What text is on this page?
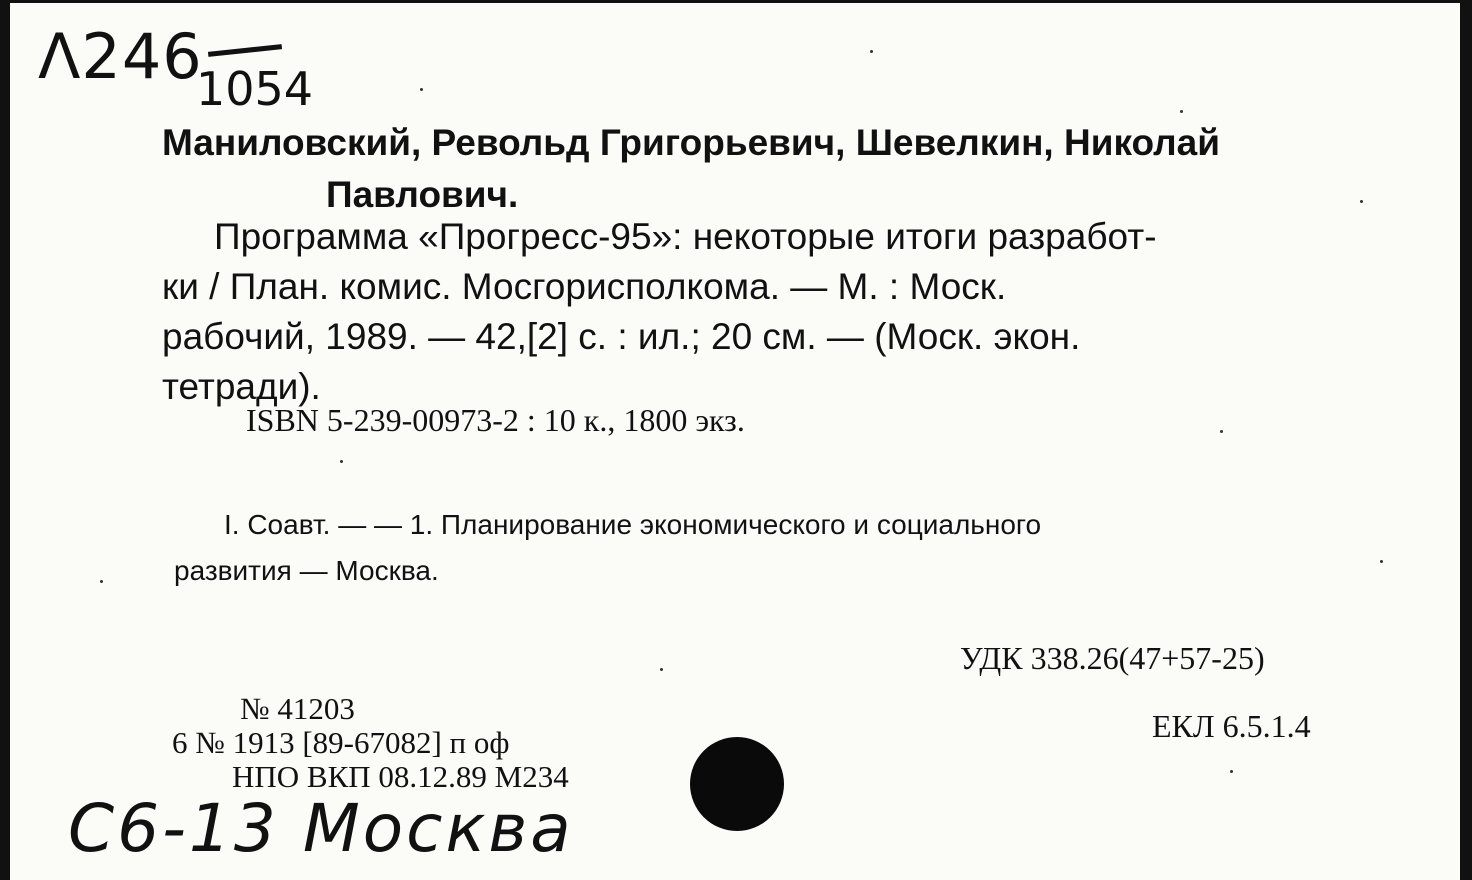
Λ246
1054
Маниловский, Револьд Григорьевич, Шевелкин, Николай
Павлович.
Программа «Прогресс-95»: некоторые итоги разработ-
ки / План. комис. Мосгорисполкома. — М. : Моск.
рабочий, 1989. — 42,[2] с. : ил.; 20 см. — (Моск. экон.
тетради).
ISBN 5-239-00973-2 : 10 к., 1800 экз.
I. Соавт. — — 1. Планирование экономического и социального
развития — Москва.
УДК 338.26(47+57-25)
ЕКЛ 6.5.1.4
№ 41203
6 № 1913 [89-67082] п оф
НПО ВКП 08.12.89 М234
С6-13 Москва
